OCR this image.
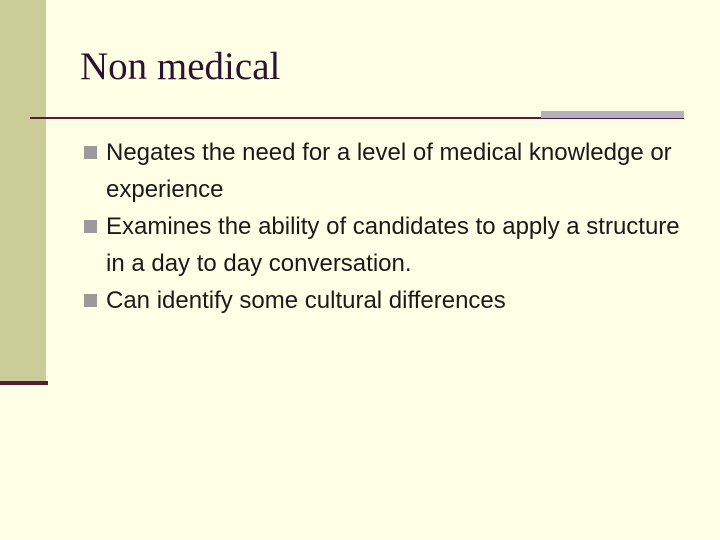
Non medical
Negates the need for a level of medical knowledge or experience
Examines the ability of candidates to apply a structure in a day to day conversation.
Can identify some cultural differences
